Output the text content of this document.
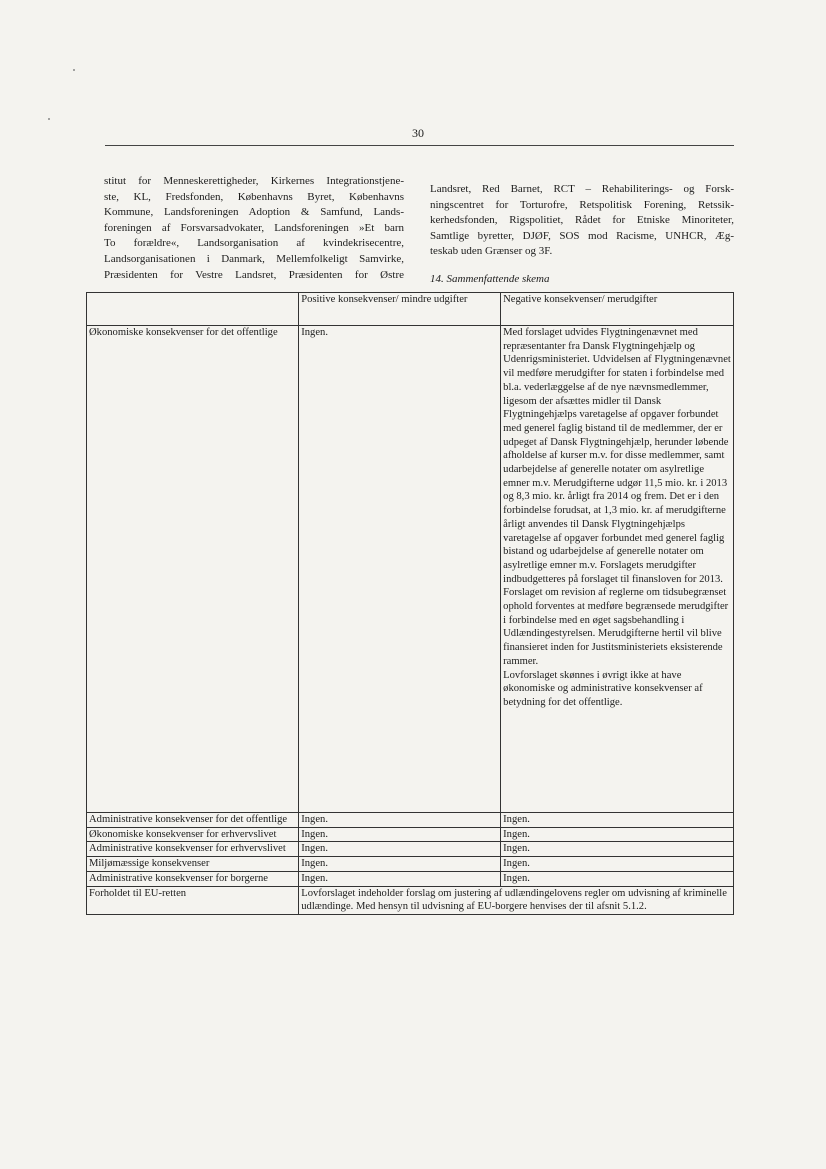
30
stitut for Menneskerettigheder, Kirkernes Integrationstjene-
ste, KL, Fredsfonden, Københavns Byret, Københavns
Kommune, Landsforeningen Adoption & Samfund, Lands-
foreningen af Forsvarsadvokater, Landsforeningen »Et barn
To forældre«, Landsorganisation af kvindekrisecentre,
Landsorganisationen i Danmark, Mellemfolkeligt Samvirke,
Præsidenten for Vestre Landsret, Præsidenten for Østre
Landsret, Red Barnet, RCT – Rehabiliterings- og Forsk-
ningscentret for Torturofre, Retspolitisk Forening, Retssik-
kerhedsfonden, Rigspolitiet, Rådet for Etniske Minoriteter,
Samtlige byretter, DJØF, SOS mod Racisme, UNHCR, Æg-
teskab uden Grænser og 3F.
14. Sammenfattende skema
	Positive konsekvenser/ mindre udgifter	Negative konsekvenser/ merudgifter
Økonomiske konsekvenser for det offentlige	Ingen.	Med forslaget udvides Flygtningenævnet med repræsentanter fra Dansk Flygtningehjælp og Udenrigsministeriet. Udvidelsen af Flygtningenævnet vil medføre merudgifter for staten i forbindelse med bl.a. vederlæggelse af de nye nævnsmedlemmer, ligesom der afsættes midler til Dansk Flygtningehjælps varetagelse af opgaver forbundet med generel faglig bistand til de medlemmer, der er udpeget af Dansk Flygtningehjælp, herunder løbende afholdelse af kurser m.v. for disse medlemmer, samt udarbejdelse af generelle notater om asylretlige emner m.v. Merudgifterne udgør 11,5 mio. kr. i 2013 og 8,3 mio. kr. årligt fra 2014 og frem. Det er i den forbindelse forudsat, at 1,3 mio. kr. af merudgifterne årligt anvendes til Dansk Flygtningehjælps varetagelse af opgaver forbundet med generel faglig bistand og udarbejdelse af generelle notater om asylretlige emner m.v. Forslagets merudgifter indbudgetteres på forslaget til finansloven for 2013.
Forslaget om revision af reglerne om tidsubegrænset ophold forventes at medføre begrænsede merudgifter i forbindelse med en øget sagsbehandling i Udlændingestyrelsen. Merudgifterne hertil vil blive finansieret inden for Justitsministeriets eksisterende rammer.
Lovforslaget skønnes i øvrigt ikke at have økonomiske og administrative konsekvenser af betydning for det offentlige.

Administrative konsekvenser for det offentlige	Ingen.	Ingen.
Økonomiske konsekvenser for erhvervslivet	Ingen.	Ingen.
Administrative konsekvenser for erhvervslivet	Ingen.	Ingen.
Miljømæssige konsekvenser	Ingen.	Ingen.
Administrative konsekvenser for borgerne	Ingen.	Ingen.
Forholdet til EU-retten	Lovforslaget indeholder forslag om justering af udlændingelovens regler om udvisning af kriminelle udlændinge. Med hensyn til udvisning af EU-borgere henvises der til afsnit 5.1.2.	
